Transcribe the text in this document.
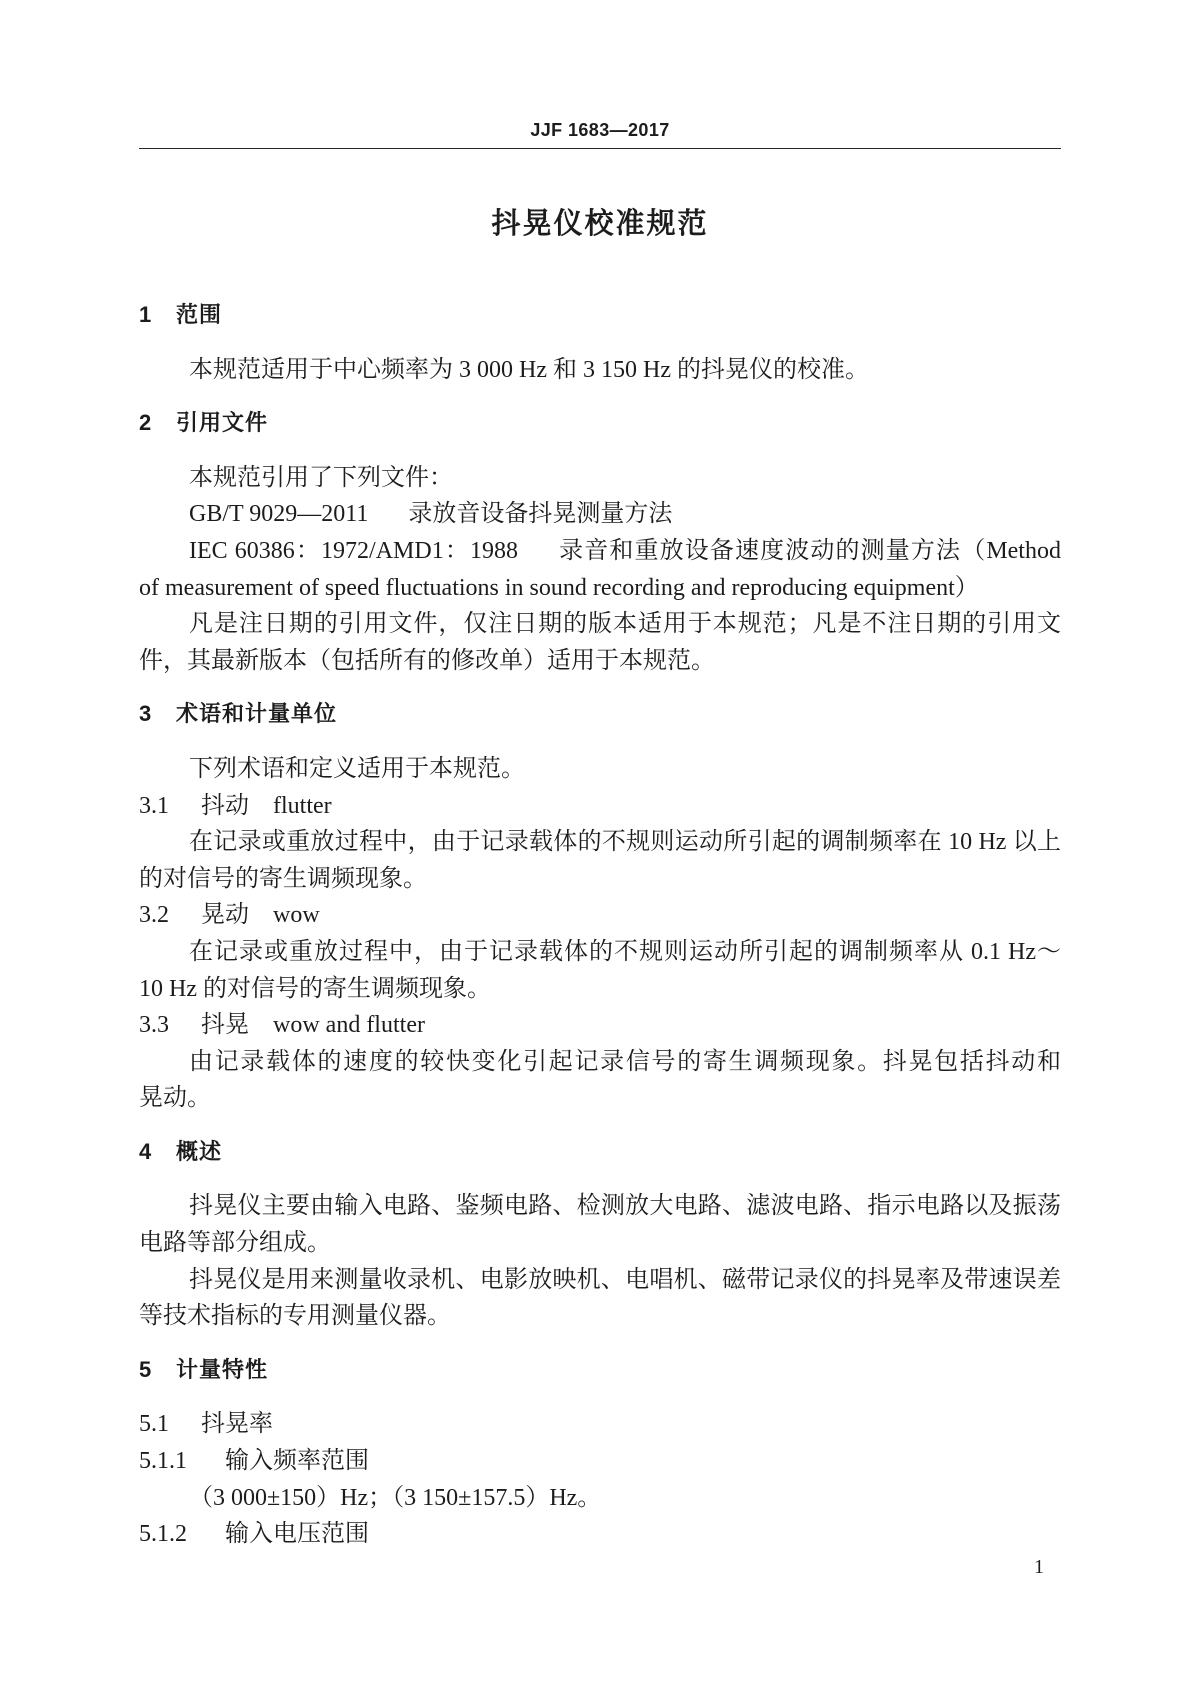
JJF 1683—2017
抖晃仪校准规范
1 范围
本规范适用于中心频率为 3 000 Hz 和 3 150 Hz 的抖晃仪的校准。
2 引用文件
本规范引用了下列文件：
GB/T 9029—2011 录放音设备抖晃测量方法
IEC 60386：1972/AMD1：1988 录音和重放设备速度波动的测量方法（Method
of measurement of speed fluctuations in sound recording and reproducing equipment）
凡是注日期的引用文件，仅注日期的版本适用于本规范；凡是不注日期的引用文
件，其最新版本（包括所有的修改单）适用于本规范。
3 术语和计量单位
下列术语和定义适用于本规范。
3.1 抖动 flutter
在记录或重放过程中，由于记录载体的不规则运动所引起的调制频率在 10 Hz 以上
的对信号的寄生调频现象。
3.2 晃动 wow
在记录或重放过程中，由于记录载体的不规则运动所引起的调制频率从 0.1 Hz～
10 Hz 的对信号的寄生调频现象。
3.3 抖晃 wow and flutter
由记录载体的速度的较快变化引起记录信号的寄生调频现象。抖晃包括抖动和
晃动。
4 概述
抖晃仪主要由输入电路、鉴频电路、检测放大电路、滤波电路、指示电路以及振荡
电路等部分组成。
抖晃仪是用来测量收录机、电影放映机、电唱机、磁带记录仪的抖晃率及带速误差
等技术指标的专用测量仪器。
5 计量特性
5.1 抖晃率
5.1.1 输入频率范围
（3 000±150）Hz；（3 150±157.5）Hz。
5.1.2 输入电压范围
1
